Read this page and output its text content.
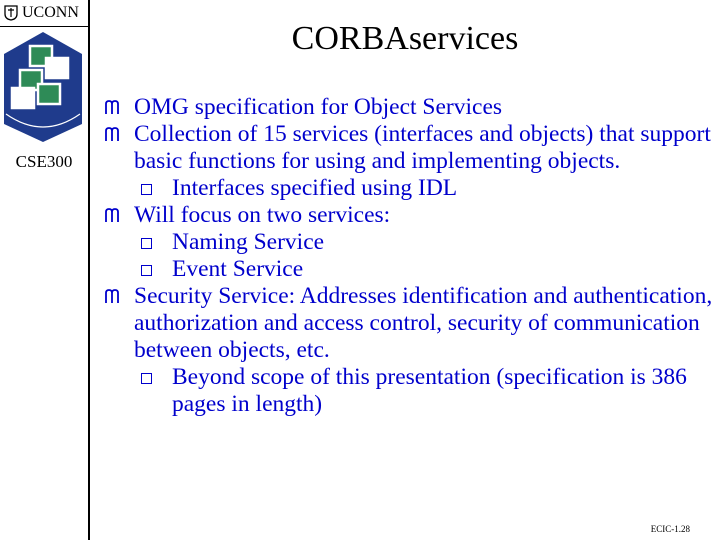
UCONN
CSE300
CORBAservices
OMG specification for Object Services
Collection of 15 services (interfaces and objects) that support basic functions for using and implementing objects.
Interfaces specified using IDL
Will focus on two services:
Naming Service
Event Service
Security Service: Addresses identification and authentication, authorization and access control, security of communication between objects, etc.
Beyond scope of this presentation (specification is 386 pages in length)
ECIC-1.28
